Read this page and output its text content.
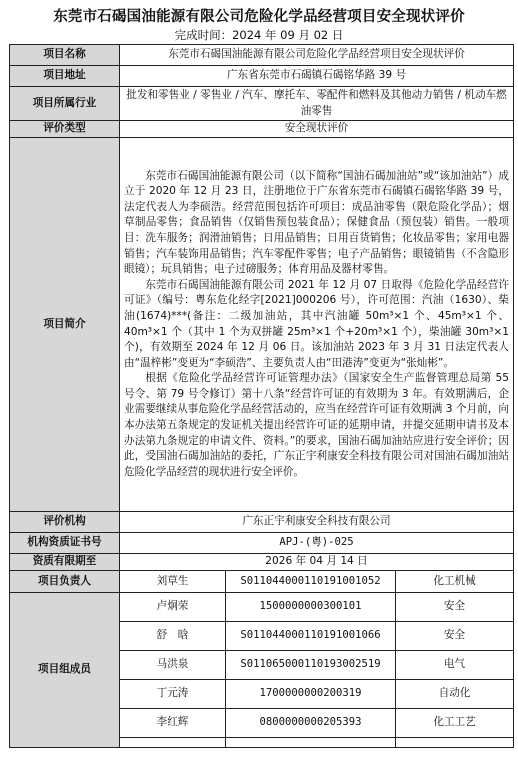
东莞市石碣国油能源有限公司危险化学品经营项目安全现状评价
完成时间：2024 年 09 月 02 日
项目名称	东莞市石碣国油能源有限公司危险化学品经营项目安全现状评价		
项目地址	广东省东莞市石碣镇石碣铭华路 39 号		
项目所属行业	批发和零售业 / 零售业 / 汽车、摩托车、零配件和燃料及其他动力销售 / 机动车燃油零售		
评价类型	安全现状评价		
项目简介	东莞市石碣国油能源有限公司（以下简称“国油石碣加油站”或“该加油站”）成立于 2020 年 12 月 23 日，注册地位于广东省东莞市石碣镇石碣铭华路 39 号，法定代表人为李硕浩。经营范围包括许可项目：成品油零售（限危险化学品）；烟草制品零售；食品销售（仅销售预包装食品）；保健食品（预包装）销售。一般项目：洗车服务；润滑油销售；日用品销售；日用百货销售；化妆品零售；家用电器销售；汽车装饰用品销售；汽车零配件零售；电子产品销售；眼镜销售（不含隐形眼镜）；玩具销售；电子过磅服务；体育用品及器材零售。

东莞市石碣国油能源有限公司 2021 年 12 月 07 日取得《危险化学品经营许可证》（编号：粤东危化经字[2021]000206 号），许可范围：汽油（1630）、柴油(1674)***(备注：二级加油站，其中汽油罐 50m³×1 个、45m³×1 个、40m³×1 个（其中 1 个为双拼罐 25m³×1 个+20m³×1 个），柴油罐 30m³×1 个)，有效期至 2024 年 12 月 06 日。该加油站 2023 年 3 月 31 日法定代表人由“温梓彬”变更为“李硕浩”、主要负责人由“田港涛”变更为“张灿彬”。

根据《危险化学品经营许可证管理办法》（国家安全生产监督管理总局第 55 号令、第 79 号令修订）第十八条“经营许可证的有效期为 3 年。有效期满后，企业需要继续从事危险化学品经营活动的，应当在经营许可证有效期满 3 个月前，向本办法第五条规定的发证机关提出经营许可证的延期申请，并提交延期申请书及本办法第九条规定的申请文件、资料。”的要求，国油石碣加油站应进行安全评价；因此，受国油石碣加油站的委托，广东正宇利康安全科技有限公司对国油石碣加油站危险化学品经营的现状进行安全评价。		

评价机构	广东正宇利康安全科技有限公司		
机构资质证书号	APJ-(粤)-025		
资质有限期至	2026 年 04 月 14 日		
项目负责人	刘草生	S011044000110191001052	化工机械
项目组成员	卢炯荣	1500000000300101	安全
	舒　晗	S011044000110191001066	安全
	马洪泉	S011065000110193002519	电气
	丁元涛	1700000000200319	自动化
	李红辉	0800000000205393	化工工艺
